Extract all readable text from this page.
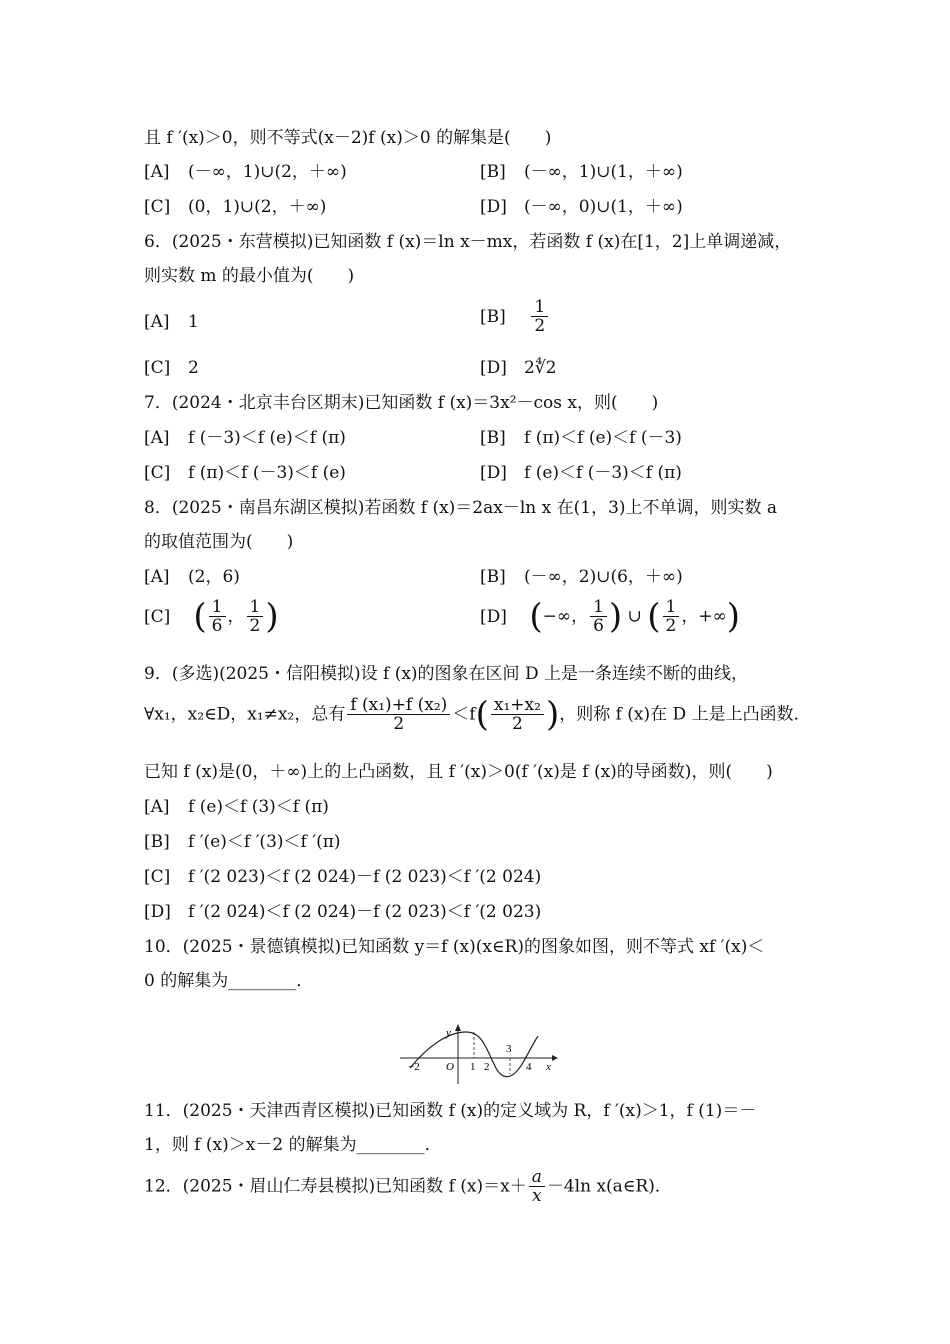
且 f ′(x)＞0，则不等式(x－2)f (x)＞0 的解集是(　　)
[A] (－∞，1)∪(2，＋∞)	[B] (－∞，1)∪(1，＋∞)
[C] (0，1)∪(2，＋∞)	[D] (－∞，0)∪(1，＋∞)
6．(2025・东营模拟)已知函数 f (x)＝ln x－mx，若函数 f (x)在[1，2]上单调递减，
则实数 m 的最小值为(　　)
[A] 1	$[B] \frac{1}{2}$
[C] 2	[D] 2∜2
7．(2024・北京丰台区期末)已知函数 f (x)＝3x²－cos x，则(　　)
[A] f (－3)＜f (e)＜f (π)	[B] f (π)＜f (e)＜f (－3)
[C] f (π)＜f (－3)＜f (e)	[D] f (e)＜f (－3)＜f (π)
8．(2025・南昌东湖区模拟)若函数 f (x)＝2ax－ln x 在(1，3)上不单调，则实数 a
的取值范围为(　　)
[A] (2，6)	[B] (－∞，2)∪(6，＋∞)
[C] ( $\frac{1}{6}$ ， $\frac{1}{2}$ )	[D] (−∞， $\frac{1}{6}$ ) ∪ ( $\frac{1}{2}$ ，+∞)
9．(多选)(2025・信阳模拟)设 f (x)的图象在区间 D 上是一条连续不断的曲线，
∀x₁，x₂∈D，x₁≠x₂，总有 $\frac{\text{f (x₁)+f (x₂)}}{2} <f( \frac{\text{x₁+x₂}}{2}$ )，则称 f (x)在 D 上是上凸函数．
已知 f (x)是(0，＋∞)上的上凸函数，且 f ′(x)＞0(f ′(x)是 f (x)的导函数)，则(　　)
[A] f (e)＜f (3)＜f (π)
[B] f ′(e)＜f ′(3)＜f ′(π)
[C] f ′(2 023)＜f (2 024)－f (2 023)＜f ′(2 024)
[D] f ′(2 024)＜f (2 024)－f (2 023)＜f ′(2 023)
10．(2025・景德镇模拟)已知函数 y＝f (x)(x∈R)的图象如图，则不等式 xf ′(x)＜
0 的解集为________．
y
x
O
−2	1 2
3
4
11．(2025・天津西青区模拟)已知函数 f (x)的定义域为 R，f ′(x)＞1，f (1)＝－
1，则 f (x)＞x－2 的解集为________．
12．(2025・眉山仁寿县模拟)已知函数 f $(x)=x+ \frac{a}{x} -4\ln$ x(a∈R)．
